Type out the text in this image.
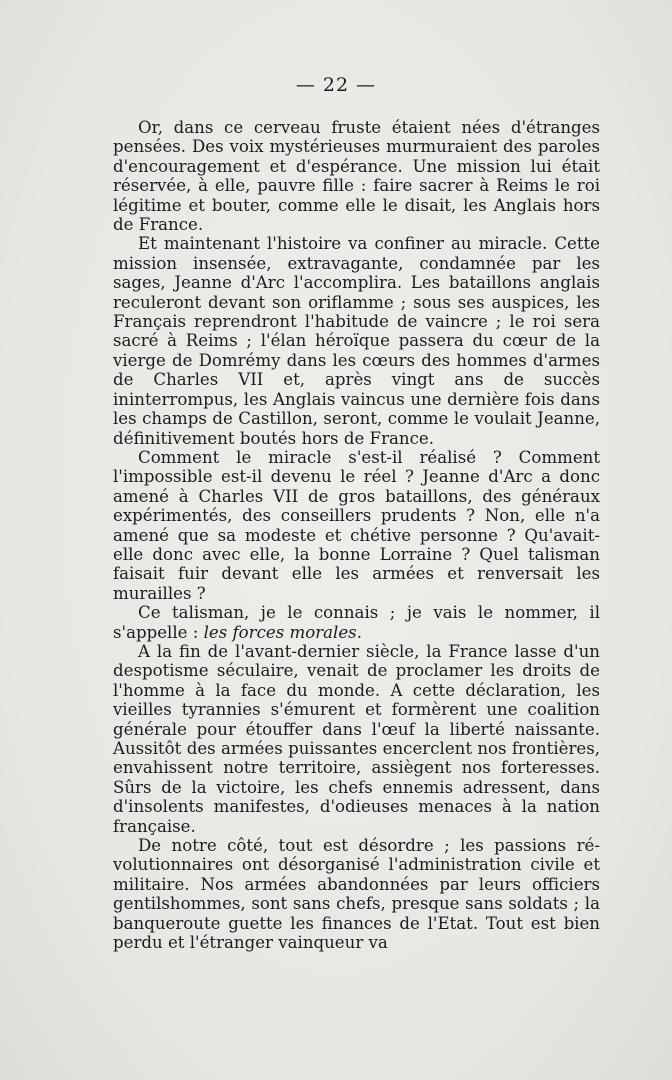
— 22 —

Or, dans ce cerveau fruste étaient nées d'étranges pensées. Des voix mystérieuses murmuraient des paroles d'encouragement et d'espérance. Une mission lui était réservée, à elle, pauvre fille : faire sacrer à Reims le roi légitime et bouter, comme elle le disait, les Anglais hors de France.

Et maintenant l'histoire va confiner au miracle. Cette mission insensée, extravagante, condamnée par les sages, Jeanne d'Arc l'accomplira. Les bataillons anglais reculeront devant son oriflamme ; sous ses auspices, les Français reprendront l'habitude de vaincre ; le roi sera sacré à Reims ; l'élan héroïque passera du cœur de la vierge de Domrémy dans les cœurs des hommes d'armes de Charles VII et, après vingt ans de succès ininterrompus, les Anglais vaincus une dernière fois dans les champs de Castillon, seront, comme le voulait Jeanne, définitivement boutés hors de France.

Comment le miracle s'est-il réalisé ? Comment l'impossible est-il devenu le réel ? Jeanne d'Arc a donc amené à Charles VII de gros bataillons, des généraux expérimentés, des conseillers prudents ? Non, elle n'a amené que sa modeste et chétive personne ? Qu'avait-elle donc avec elle, la bonne Lorraine ? Quel talisman faisait fuir devant elle les armées et renversait les murailles ?

Ce talisman, je le connais ; je vais le nommer, il s'appelle : les forces morales.

A la fin de l'avant-dernier siècle, la France lasse d'un despotisme séculaire, venait de proclamer les droits de l'homme à la face du monde. A cette déclaration, les vieilles tyrannies s'émurent et formèrent une coalition générale pour étouffer dans l'œuf la liberté naissante. Aussitôt des armées puissantes encerclent nos frontières, envahissent notre territoire, assiègent nos forteresses. Sûrs de la victoire, les chefs ennemis adressent, dans d'insolents manifestes, d'odieuses menaces à la nation française.

De notre côté, tout est désordre ; les passions révolutionnaires ont désorganisé l'administration civile et militaire. Nos armées abandonnées par leurs officiers gentilshommes, sont sans chefs, presque sans soldats ; la banqueroute guette les finances de l'Etat. Tout est bien perdu et l'étranger vainqueur va
